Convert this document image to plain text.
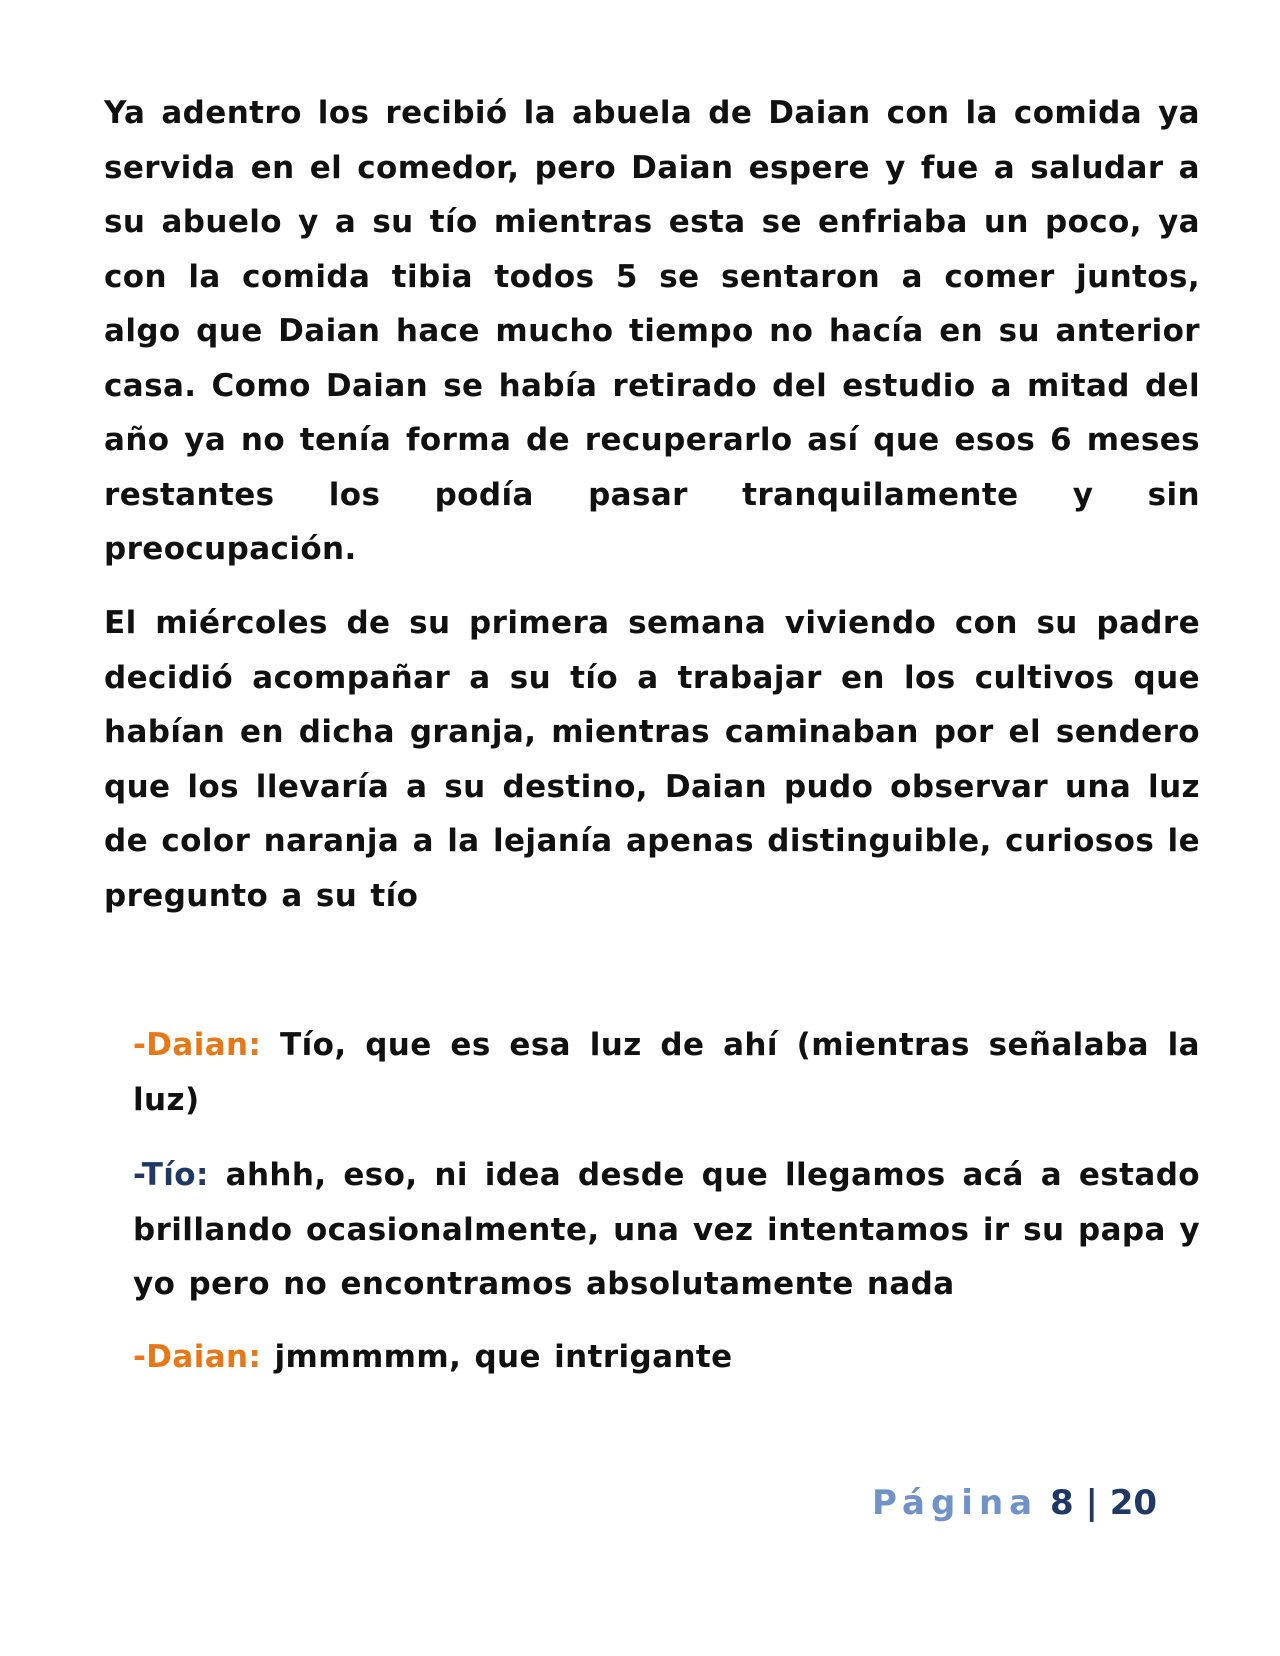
Ya adentro los recibió la abuela de Daian con la comida ya servida en el comedor, pero Daian espere y fue a saludar a su abuelo y a su tío mientras esta se enfriaba un poco, ya con la comida tibia todos 5 se sentaron a comer juntos, algo que Daian hace mucho tiempo no hacía en su anterior casa. Como Daian se había retirado del estudio a mitad del año ya no tenía forma de recuperarlo así que esos 6 meses restantes los podía pasar tranquilamente y sin preocupación.

El miércoles de su primera semana viviendo con su padre decidió acompañar a su tío a trabajar en los cultivos que habían en dicha granja, mientras caminaban por el sendero que los llevaría a su destino, Daian pudo observar una luz de color naranja a la lejanía apenas distinguible, curiosos le pregunto a su tío

-Daian: Tío, que es esa luz de ahí (mientras señalaba la luz)

-Tío: ahhh, eso, ni idea desde que llegamos acá a estado brillando ocasionalmente, una vez intentamos ir su papa y yo pero no encontramos absolutamente nada

-Daian: jmmmmm, que intrigante

Página 8 | 20
